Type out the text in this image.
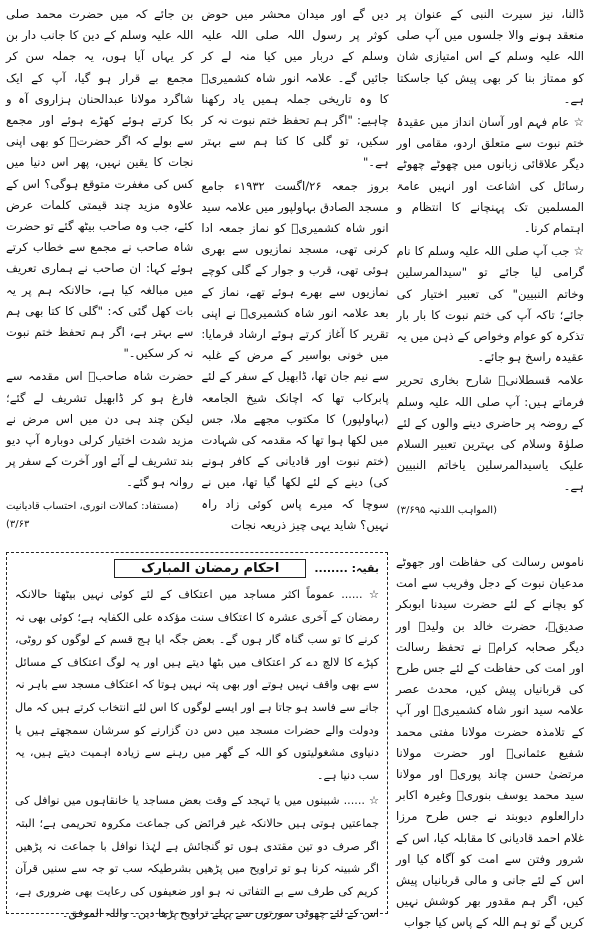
ڈالنا، نیز سیرت النبی کے عنوان پر منعقد ہونے والا جلسوں میں آپ صلی اللہ علیہ وسلم کے اس امتیازی شان کو ممتاز بنا کر بھی پیش کیا جاسکتا ہے۔

☆ عام فہم اور آسان انداز میں عقیدۂ ختم نبوت سے متعلق اردو، مقامی اور دیگر علاقائی زبانوں میں چھوٹے چھوٹے رسائل کی اشاعت اور انہیں عامۃ المسلمین تک پہنچانے کا انتظام و اہتمام کرنا۔

☆ جب آپ صلی اللہ علیہ وسلم کا نام گرامی لیا جائے تو "سیدالمرسلین وخاتم النبیین" کی تعبیر اختیار کی جائے؛ تاکہ آپ کی ختم نبوت کا بار بار تذکرہ کو عوام وخواص کے ذہن میں یہ عقیدہ راسخ ہو جائے۔

علامہ قسطلانیؒ شارح بخاری تحریر فرماتے ہیں: آپ صلی اللہ علیہ وسلم کے روضہ پر حاضری دینے والوں کے لئے صلوٰۃ وسلام کی بہترین تعبیر السلام علیک یاسیدالمرسلین یاخاتم النبیین ہے۔

(المواہب اللدنیہ ۳/۶۹۵)

دیں گے اور میدان محشر میں حوض کوثر پر رسول اللہ صلی اللہ علیہ وسلم کے دربار میں کیا منہ لے کر جائیں گے۔ علامہ انور شاہ کشمیریؒ کا وہ تاریخی جملہ ہمیں یاد رکھنا چاہیے: "اگر ہم تحفظ ختم نبوت نہ کر سکیں، تو گلی کا کتا ہم سے بہتر ہے۔"

بروز جمعہ ۲۶/اگست ۱۹۳۲ء جامع مسجد الصادق بہاولپور میں علامہ سید انور شاہ کشمیریؒ کو نماز جمعہ ادا کرنی تھی، مسجد نمازیوں سے بھری ہوئی تھی، قرب و جوار کے گلی کوچے نمازیوں سے بھرے ہوئے تھے، نماز کے بعد علامہ انور شاہ کشمیریؒ نے اپنی تقریر کا آغاز کرتے ہوئے ارشاد فرمایا: میں خونی بواسیر کے مرض کے غلبہ سے نیم جان تھا، ڈابھیل کے سفر کے لئے پابرکاب تھا کہ اچانک شیخ الجامعہ (بہاولپور) کا مکتوب مجھے ملا، جس میں لکھا ہوا تھا کہ مقدمہ کی شہادت (ختم نبوت اور قادیانی کے کافر ہونے کی) دینے کے لئے لکھا گیا تھا، میں نے سوچا کہ میرے پاس کوئی زاد راہ نہیں؟ شاید یہی چیز ذریعہ نجات

بن جائے کہ میں حضرت محمد صلی اللہ علیہ وسلم کے دین کا جانب دار بن کر یہاں آیا ہوں، یہ جملہ سن کر مجمع بے قرار ہو گیا، آپ کے ایک شاگرد مولانا عبدالحنان ہزاروی آہ و بکا کرتے ہوئے کھڑے ہوئے اور مجمع سے بولے کہ اگر حضرتؒ کو بھی اپنی نجات کا یقین نہیں، پھر اس دنیا میں کس کی مغفرت متوقع ہوگی؟ اس کے علاوہ مزید چند قیمتی کلمات عرض کئے، جب وہ صاحب بیٹھ گئے تو حضرت شاہ صاحب نے مجمع سے خطاب کرتے ہوئے کہا: ان صاحب نے ہماری تعریف میں مبالغہ کیا ہے، حالانکہ ہم پر یہ بات کھل گئی کہ: "گلی کا کتا بھی ہم سے بہتر ہے، اگر ہم تحفظ ختم نبوت نہ کر سکیں۔"

حضرت شاہ صاحبؒ اس مقدمہ سے فارغ ہو کر ڈابھیل تشریف لے گئے؛ لیکن چند ہی دن میں اس مرض نے مزید شدت اختیار کرلی دوبارہ آپ دیو بند تشریف لے آئے اور آخرت کے سفر پر روانہ ہو گئے۔

(مستفاد: کمالات انوری، احتساب قادیانیت ۳/۶۳)

ناموس رسالت کی حفاظت اور جھوٹے مدعیان نبوت کے دجل وفریب سے امت کو بچانے کے لئے حضرت سیدنا ابوبکر صدیقؓ، حضرت خالد بن ولیدؓ اور دیگر صحابہ کرامؓ نے تحفظ رسالت اور امت کی حفاظت کے لئے جس طرح کی قربانیاں پیش کیں، محدث عصر علامہ سید انور شاہ کشمیریؒ اور آپ کے تلامذہ حضرت مولانا مفتی محمد شفیع عثمانیؒ اور حضرت مولانا مرتضیٰ حسن چاند پوریؒ اور مولانا سید محمد یوسف بنوریؒ وغیرہ اکابر دارالعلوم دیوبند نے جس طرح مرزا غلام احمد قادیانی کا مقابلہ کیا، اس کے شرور وفتن سے امت کو آگاہ کیا اور اس کے لئے جانی و مالی قربانیاں پیش کیں، اگر ہم مقدور بھر کوشش نہیں کریں گے تو ہم اللہ کے پاس کیا جواب

بقیہ: ........
احکام رمضان المبارک

☆ ...... عموماً اکثر مساجد میں اعتکاف کے لئے کوئی نہیں بیٹھتا حالانکہ رمضان کے آخری عشرہ کا اعتکاف سنت مؤکدہ علی الکفایہ ہے؛ کوئی بھی نہ کرنے کا تو سب گناہ گار ہوں گے۔ بعض جگہ ایا ہج قسم کے لوگوں کو روٹی، کپڑے کا لالچ دے کر اعتکاف میں بٹھا دیتے ہیں اور یہ لوگ اعتکاف کے مسائل سے بھی واقف نہیں ہوتے اور بھی پتہ نہیں ہوتا کہ اعتکاف مسجد سے باہر نہ جانے سے فاسد ہو جاتا ہے اور ایسے لوگوں کا اس لئے انتخاب کرتے ہیں کہ مال ودولت والے حضرات مسجد میں دس دن گزارنے کو سرشان سمجھتے ہیں یا دنیاوی مشغولیتوں کو اللہ کے گھر میں رہنے سے زیادہ اہمیت دیتے ہیں، یہ سب دنیا ہے۔

☆ ...... شبینوں میں یا تہجد کے وقت بعض مساجد یا خانقاہوں میں نوافل کی جماعتیں ہوتی ہیں حالانکہ غیر فرائض کی جماعت مکروہ تحریمی ہے؛ البتہ اگر صرف دو تین مقتدی ہوں تو گنجائش ہے لہٰذا نوافل با جماعت نہ پڑھیں اگر شبینہ کرنا ہو تو تراویح میں پڑھیں بشرطیکہ سب تو جہ سے سنیں قرآن کریم کی طرف سے بے التفاتی نہ ہو اور ضعیفوں کی رعایت بھی ضروری ہے، اس کے لئے چھوٹی سورتوں سے پہلے تراویح پڑھا دیں۔ واللہ الموفق۔
